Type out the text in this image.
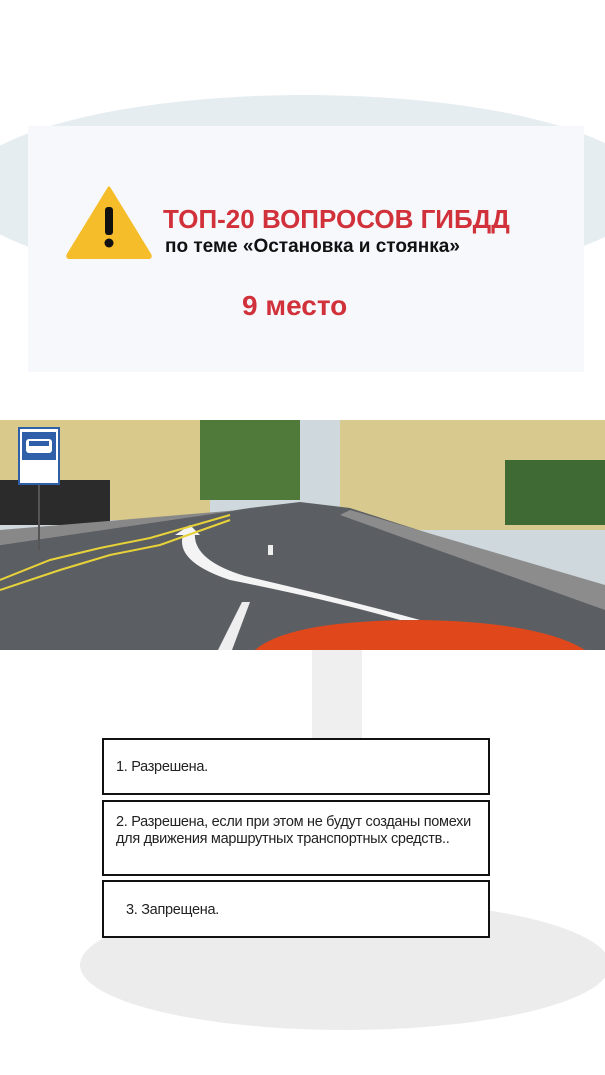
ТОП-20 ВОПРОСОВ ГИБДД
по теме «Остановка и стоянка»
9 место
1. Разрешена.
2. Разрешена, если при этом не будут созданы помехи для движения маршрутных транспортных средств..
3. Запрещена.
